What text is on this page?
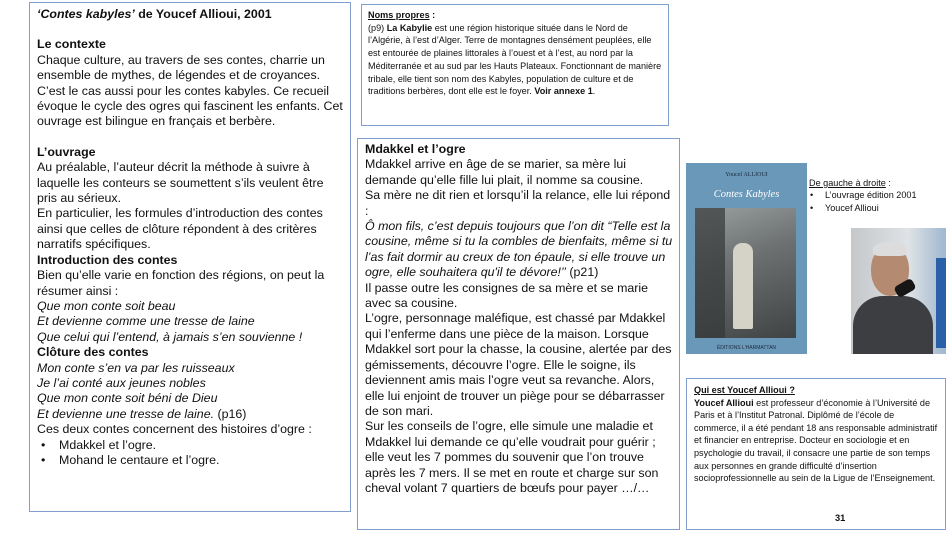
‘Contes kabyles’ de Youcef Allioui, 2001

Le contexte

Chaque culture, au travers de ses contes, charrie un ensemble de mythes, de légendes et de croyances. C’est le cas aussi pour les contes kabyles. Ce recueil évoque le cycle des ogres qui fascinent les enfants. Cet ouvrage est bilingue en français et berbère.

L’ouvrage

Au préalable, l’auteur décrit la méthode à suivre à laquelle les conteurs se soumettent s’ils veulent être pris au sérieux.

En particulier, les formules d’introduction des contes ainsi que celles de clôture répondent à des critères narratifs spécifiques.

Introduction des contes

Bien qu’elle varie en fonction des régions, on peut la résumer ainsi :

Que mon conte soit beau

Et devienne comme une tresse de laine

Que celui qui l’entend, à jamais s’en souvienne !

Clôture des contes

Mon conte s’en va par les ruisseaux

Je l’ai conté aux jeunes nobles

Que mon conte soit béni de Dieu

Et devienne une tresse de laine. (p16)

Ces deux contes concernent des histoires d’ogre :

• Mdakkel et l’ogre.
• Mohand le centaure et l’ogre.

Noms propres :

(p9) La Kabylie est une région historique située dans le Nord de l’Algérie, à l’est d’Alger. Terre de montagnes densément peuplées, elle est entourée de plaines littorales à l’ouest et à l’est, au nord par la Méditerranée et au sud par les Hauts Plateaux. Fonctionnant de manière tribale, elle tient son nom des Kabyles, population de culture et de traditions berbères, dont elle est le foyer. Voir annexe 1.

Mdakkel et l’ogre

Mdakkel arrive en âge de se marier, sa mère lui demande qu’elle fille lui plait, il nomme sa cousine.

Sa mère ne dit rien et lorsqu’il la relance, elle lui répond :

Ô mon fils, c’est depuis toujours que l’on dit “Telle est la cousine, même si tu la combles de bienfaits, même si tu l’as fait dormir au creux de ton épaule, si elle trouve un ogre, elle souhaitera qu'il te dévore!’’ (p21)

Il passe outre les consignes de sa mère et se marie avec sa cousine.

L’ogre, personnage maléfique, est chassé par Mdakkel qui l’enferme dans une pièce de la maison. Lorsque Mdakkel sort pour la chasse, la cousine, alertée par des gémissements, découvre l’ogre. Elle le soigne, ils deviennent amis mais l’ogre veut sa revanche. Alors, elle lui enjoint de trouver un piège pour se débarrasser de son mari.

Sur les conseils de l’ogre, elle simule une maladie et Mdakkel lui demande ce qu’elle voudrait pour guérir ; elle veut les 7 pommes du souvenir que l’on trouve après les 7 mers. Il se met en route et charge sur son cheval volant 7 quartiers de bœufs pour payer …/…

Youcef ALLIOUI
Contes Kabyles
ÉDITIONS L'HARMATTAN

De gauche à droite :

• L’ouvrage édition 2001
• Youcef Allioui

Qui est Youcef Allioui ?

Youcef Allioui est professeur d’économie à l’Université de Paris et à l’Institut Patronal. Diplômé de l’école de commerce, il a été pendant 18 ans responsable administratif et financier en entreprise. Docteur en sociologie et en psychologie du travail, il consacre une partie de son temps aux personnes en grande difficulté d’insertion socioprofessionnelle au sein de la Ligue de l’Enseignement.

31
